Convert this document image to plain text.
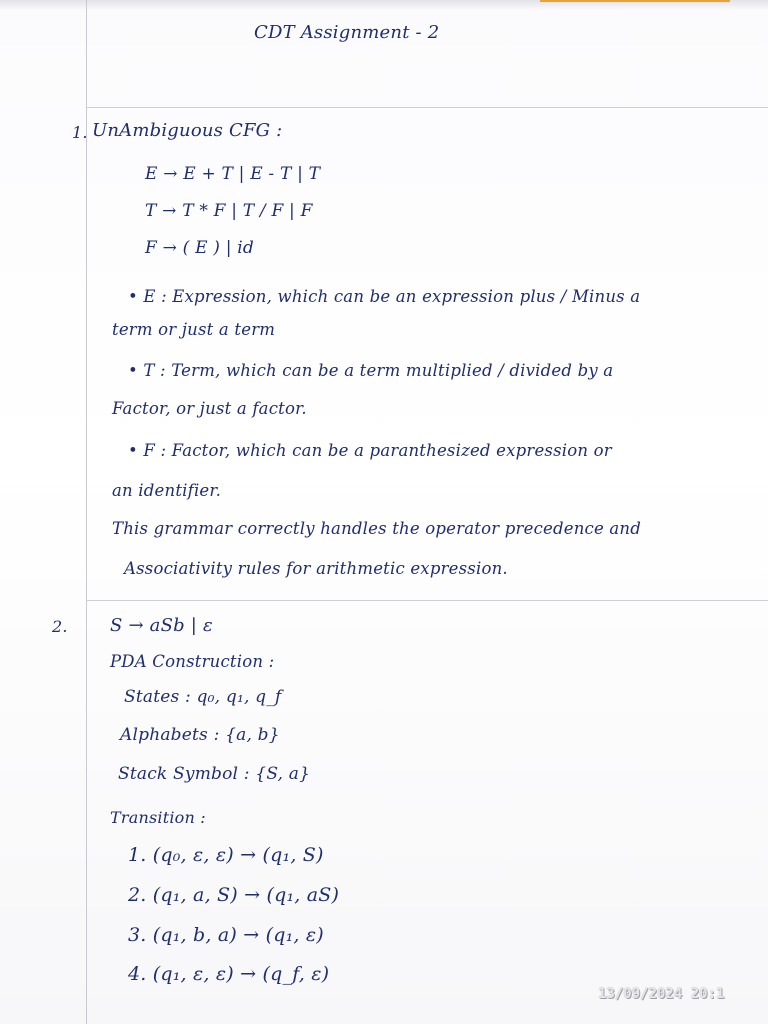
CDT Assignment - 2
1. UnAmbiguous CFG :
E → E + T | E - T | T
T → T * F | T / F | F
F → ( E ) | id
• E : Expression, which can be an expression plus / Minus a
term or just a term
• T : Term, which can be a term multiplied / divided by a
Factor, or just a factor.
• F : Factor, which can be a paranthesized expression or
an identifier.
This grammar correctly handles the operator precedence and
Associativity rules for arithmetic expression.
2. S → aSb | ε
PDA Construction :
States : q₀, q₁, q_f
Alphabets : {a, b}
Stack Symbol : {S, a}
Transition :
1. (q₀, ε, ε) → (q₁, S)
2. (q₁, a, S) → (q₁, aS)
3. (q₁, b, a) → (q₁, ε)
4. (q₁, ε, ε) → (q_f, ε)
13/09/2024 20:1
